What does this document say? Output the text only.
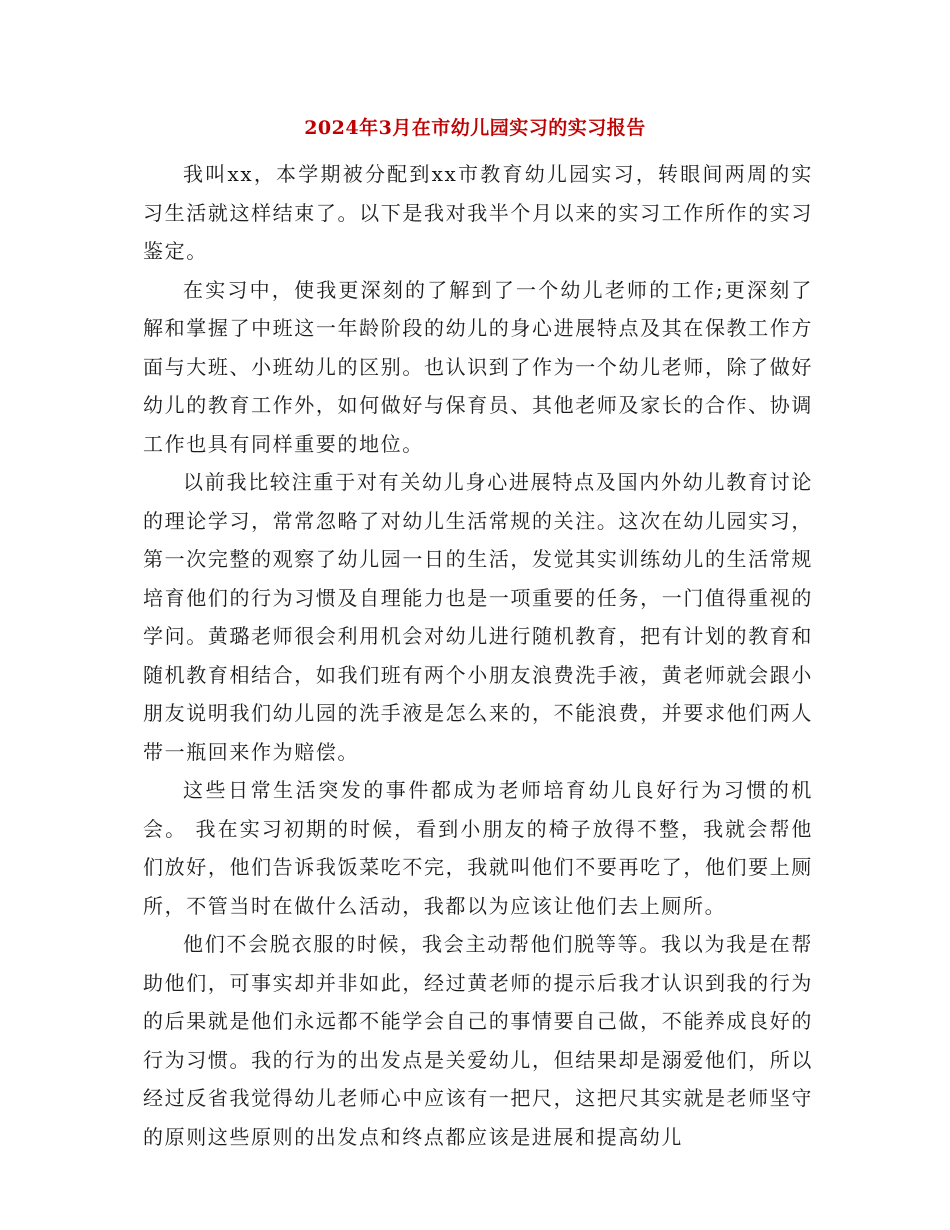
2024年3月在市幼儿园实习的实习报告

我叫xx，本学期被分配到xx市教育幼儿园实习，转眼间两周的实习生活就这样结束了。以下是我对我半个月以来的实习工作所作的实习鉴定。

在实习中，使我更深刻的了解到了一个幼儿老师的工作;更深刻了解和掌握了中班这一年龄阶段的幼儿的身心进展特点及其在保教工作方面与大班、小班幼儿的区别。也认识到了作为一个幼儿老师，除了做好幼儿的教育工作外，如何做好与保育员、其他老师及家长的合作、协调工作也具有同样重要的地位。

以前我比较注重于对有关幼儿身心进展特点及国内外幼儿教育讨论的理论学习，常常忽略了对幼儿生活常规的关注。这次在幼儿园实习，第一次完整的观察了幼儿园一日的生活，发觉其实训练幼儿的生活常规培育他们的行为习惯及自理能力也是一项重要的任务，一门值得重视的学问。黄璐老师很会利用机会对幼儿进行随机教育，把有计划的教育和随机教育相结合，如我们班有两个小朋友浪费洗手液，黄老师就会跟小朋友说明我们幼儿园的洗手液是怎么来的，不能浪费，并要求他们两人带一瓶回来作为赔偿。

这些日常生活突发的事件都成为老师培育幼儿良好行为习惯的机会。 我在实习初期的时候，看到小朋友的椅子放得不整，我就会帮他们放好，他们告诉我饭菜吃不完，我就叫他们不要再吃了，他们要上厕所，不管当时在做什么活动，我都以为应该让他们去上厕所。

他们不会脱衣服的时候，我会主动帮他们脱等等。我以为我是在帮助他们，可事实却并非如此，经过黄老师的提示后我才认识到我的行为的后果就是他们永远都不能学会自己的事情要自己做，不能养成良好的行为习惯。我的行为的出发点是关爱幼儿，但结果却是溺爱他们，所以经过反省我觉得幼儿老师心中应该有一把尺，这把尺其实就是老师坚守的原则这些原则的出发点和终点都应该是进展和提高幼儿
